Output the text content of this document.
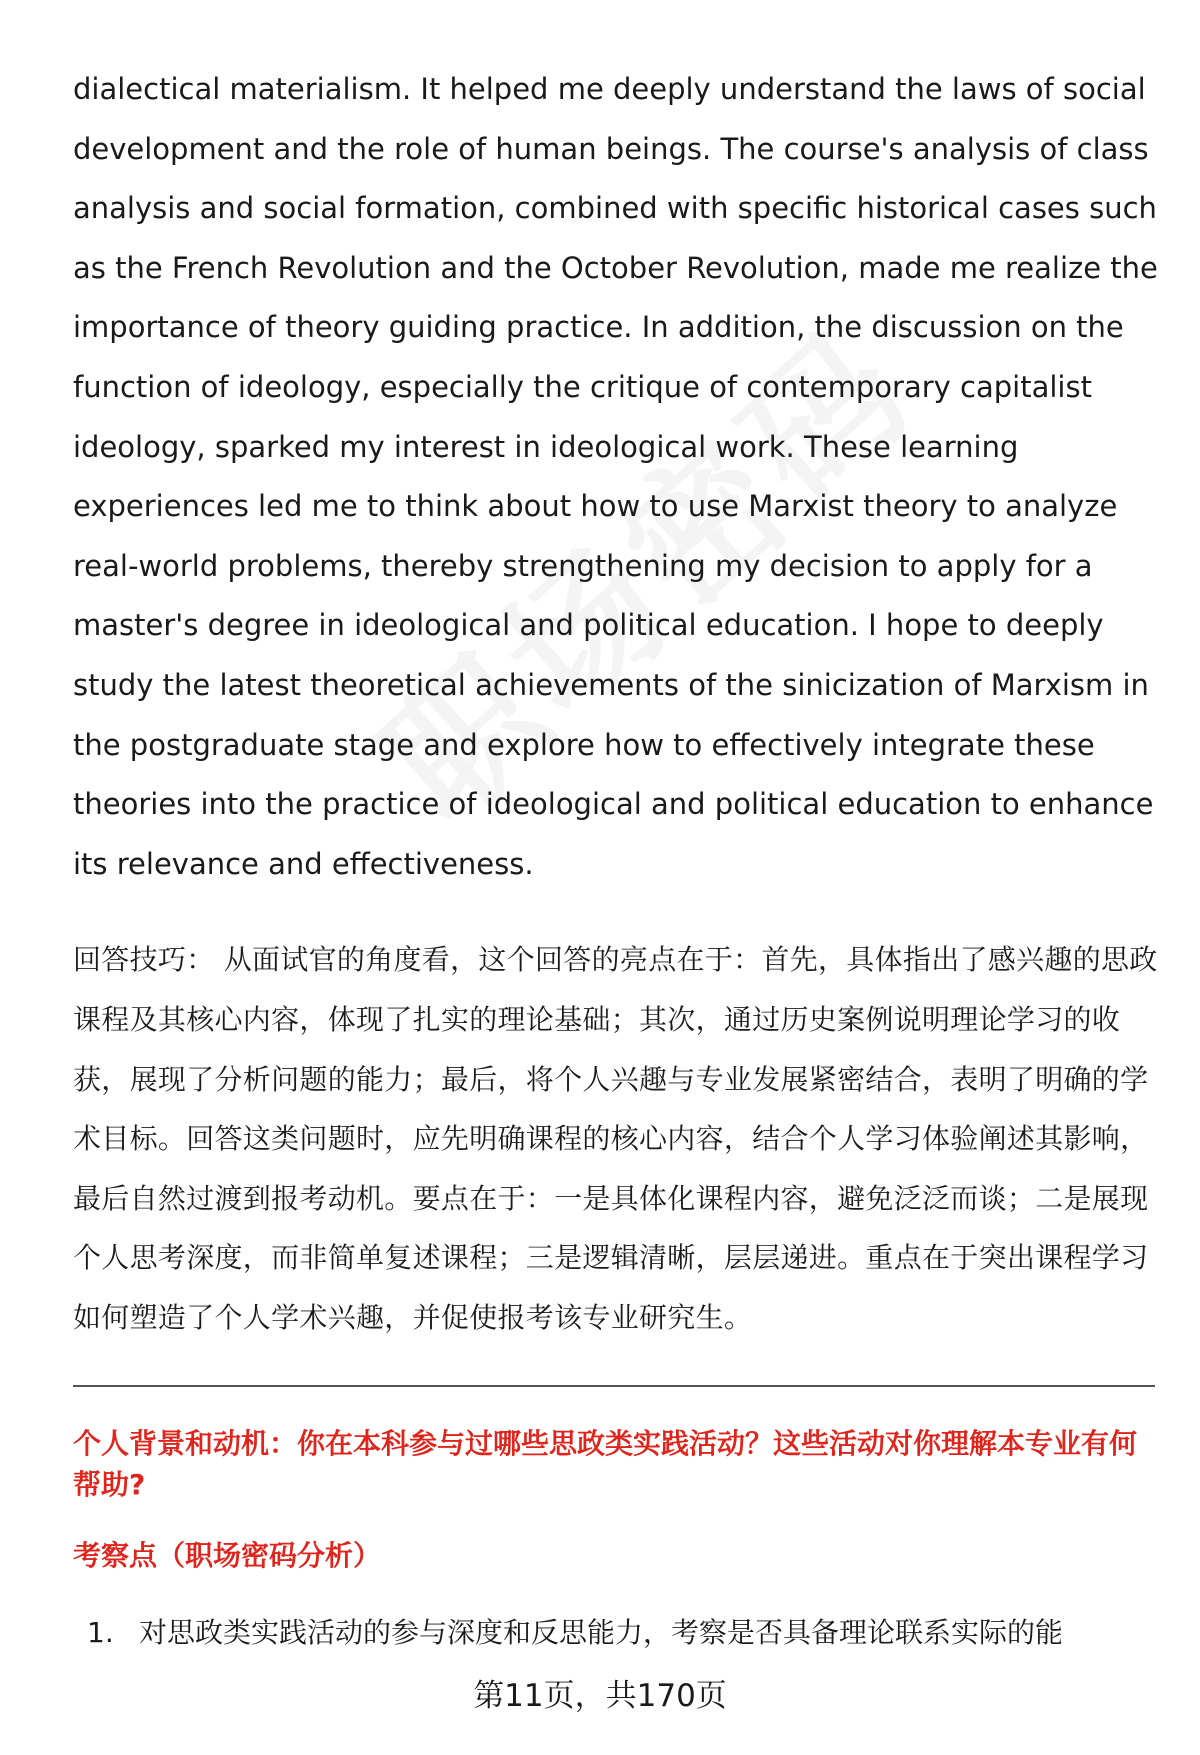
dialectical materialism. It helped me deeply understand the laws of social development and the role of human beings. The course's analysis of class analysis and social formation, combined with specific historical cases such as the French Revolution and the October Revolution, made me realize the importance of theory guiding practice. In addition, the discussion on the function of ideology, especially the critique of contemporary capitalist ideology, sparked my interest in ideological work. These learning experiences led me to think about how to use Marxist theory to analyze real-world problems, thereby strengthening my decision to apply for a master's degree in ideological and political education. I hope to deeply study the latest theoretical achievements of the sinicization of Marxism in the postgraduate stage and explore how to effectively integrate these theories into the practice of ideological and political education to enhance its relevance and effectiveness.

回答技巧： 从面试官的角度看，这个回答的亮点在于：首先，具体指出了感兴趣的思政课程及其核心内容，体现了扎实的理论基础；其次，通过历史案例说明理论学习的收获，展现了分析问题的能力；最后，将个人兴趣与专业发展紧密结合，表明了明确的学术目标。回答这类问题时，应先明确课程的核心内容，结合个人学习体验阐述其影响，最后自然过渡到报考动机。要点在于：一是具体化课程内容，避免泛泛而谈；二是展现个人思考深度，而非简单复述课程；三是逻辑清晰，层层递进。重点在于突出课程学习如何塑造了个人学术兴趣，并促使报考该专业研究生。
个人背景和动机：你在本科参与过哪些思政类实践活动？这些活动对你理解本专业有何帮助?
考察点（职场密码分析）
1. 对思政类实践活动的参与深度和反思能力，考察是否具备理论联系实际的能
第11页，共170页
